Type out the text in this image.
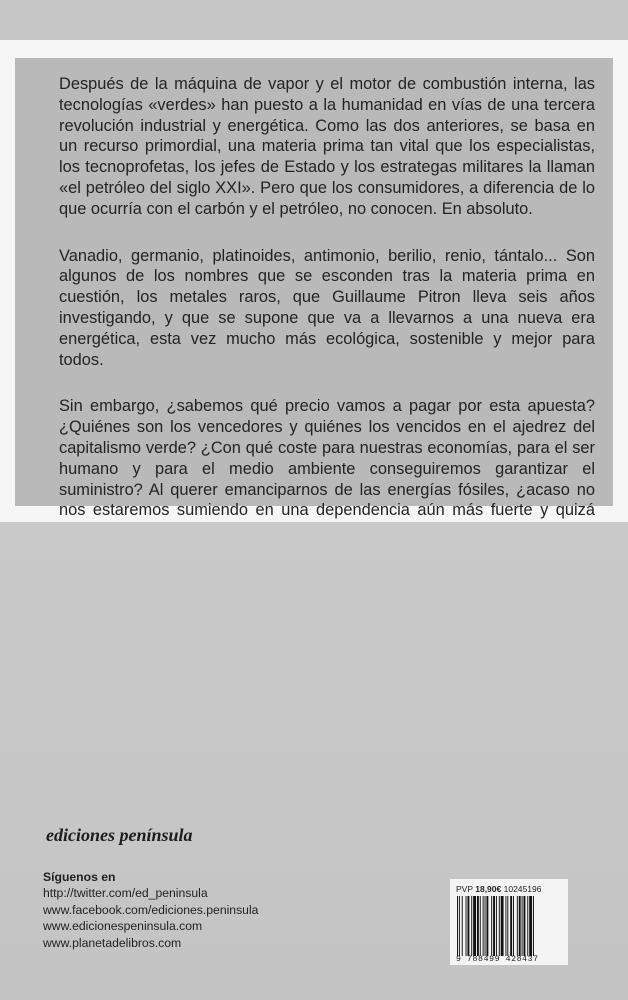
Después de la máquina de vapor y el motor de combustión interna, las tecnologías «verdes» han puesto a la humanidad en vías de una tercera revolución industrial y energética. Como las dos anteriores, se basa en un recurso primordial, una materia prima tan vital que los especialistas, los tecnoprofetas, los jefes de Estado y los estrategas militares la llaman «el petróleo del siglo XXI». Pero que los consumidores, a diferencia de lo que ocurría con el carbón y el petróleo, no conocen. En absoluto.

Vanadio, germanio, platinoides, antimonio, berilio, renio, tántalo... Son algunos de los nombres que se esconden tras la materia prima en cuestión, los metales raros, que Guillaume Pitron lleva seis años investigando, y que se supone que va a llevarnos a una nueva era energética, esta vez mucho más ecológica, sostenible y mejor para todos.

Sin embargo, ¿sabemos qué precio vamos a pagar por esta apuesta? ¿Quiénes son los vencedores y quiénes los vencidos en el ajedrez del capitalismo verde? ¿Con qué coste para nuestras economías, para el ser humano y para el medio ambiente conseguiremos garantizar el suministro? Al querer emanciparnos de las energías fósiles, ¿acaso no nos estaremos sumiendo en una dependencia aún más fuerte y quizá

ediciones península
Síguenos en
http://twitter.com/ed_peninsula
www.facebook.com/ediciones.peninsula
www.edicionespeninsula.com
www.planetadelibros.com
PVP 18,90€ 10245196
9 788499 428437
